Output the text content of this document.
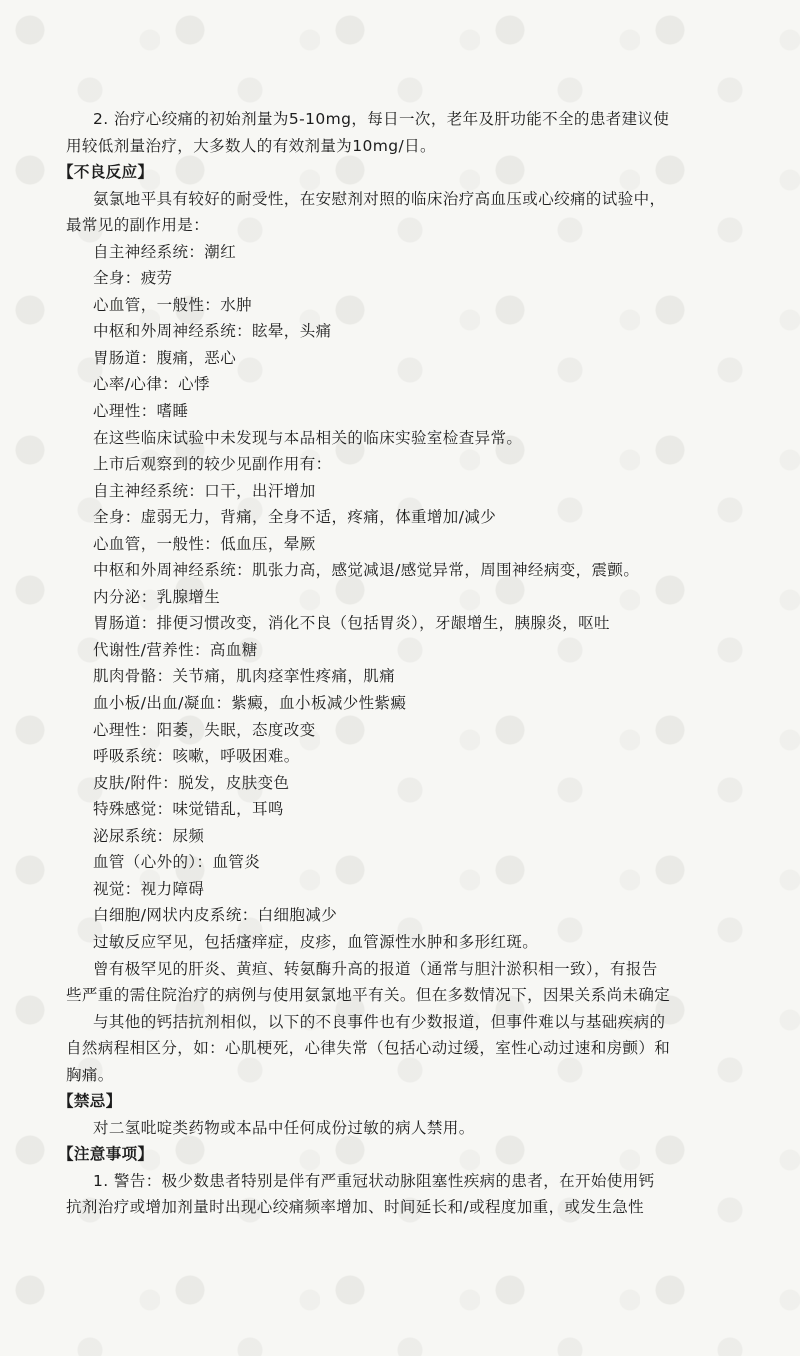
2. 治疗心绞痛的初始剂量为5-10mg，每日一次，老年及肝功能不全的患者建议使
用较低剂量治疗，大多数人的有效剂量为10mg/日。
【不良反应】
氨氯地平具有较好的耐受性，在安慰剂对照的临床治疗高血压或心绞痛的试验中，
最常见的副作用是：
自主神经系统：潮红
全身：疲劳
心血管，一般性：水肿
中枢和外周神经系统：眩晕，头痛
胃肠道：腹痛，恶心
心率/心律：心悸
心理性：嗜睡
在这些临床试验中未发现与本品相关的临床实验室检查异常。
上市后观察到的较少见副作用有：
自主神经系统：口干，出汗增加
全身：虚弱无力，背痛，全身不适，疼痛，体重增加/减少
心血管，一般性：低血压，晕厥
中枢和外周神经系统：肌张力高，感觉减退/感觉异常，周围神经病变，震颤。
内分泌：乳腺增生
胃肠道：排便习惯改变，消化不良（包括胃炎），牙龈增生，胰腺炎，呕吐
代谢性/营养性：高血糖
肌肉骨骼：关节痛，肌肉痉挛性疼痛，肌痛
血小板/出血/凝血：紫癜，血小板减少性紫癜
心理性：阳萎，失眠，态度改变
呼吸系统：咳嗽，呼吸困难。
皮肤/附件：脱发，皮肤变色
特殊感觉：味觉错乱，耳鸣
泌尿系统：尿频
血管（心外的）：血管炎
视觉：视力障碍
白细胞/网状内皮系统：白细胞减少
过敏反应罕见，包括瘙痒症，皮疹，血管源性水肿和多形红斑。
曾有极罕见的肝炎、黄疸、转氨酶升高的报道（通常与胆汁淤积相一致），有报告
些严重的需住院治疗的病例与使用氨氯地平有关。但在多数情况下，因果关系尚未确定
与其他的钙拮抗剂相似，以下的不良事件也有少数报道，但事件难以与基础疾病的
自然病程相区分，如：心肌梗死，心律失常（包括心动过缓，室性心动过速和房颤）和
胸痛。
【禁忌】
对二氢吡啶类药物或本品中任何成份过敏的病人禁用。
【注意事项】
1. 警告：极少数患者特别是伴有严重冠状动脉阻塞性疾病的患者，在开始使用钙
抗剂治疗或增加剂量时出现心绞痛频率增加、时间延长和/或程度加重，或发生急性
